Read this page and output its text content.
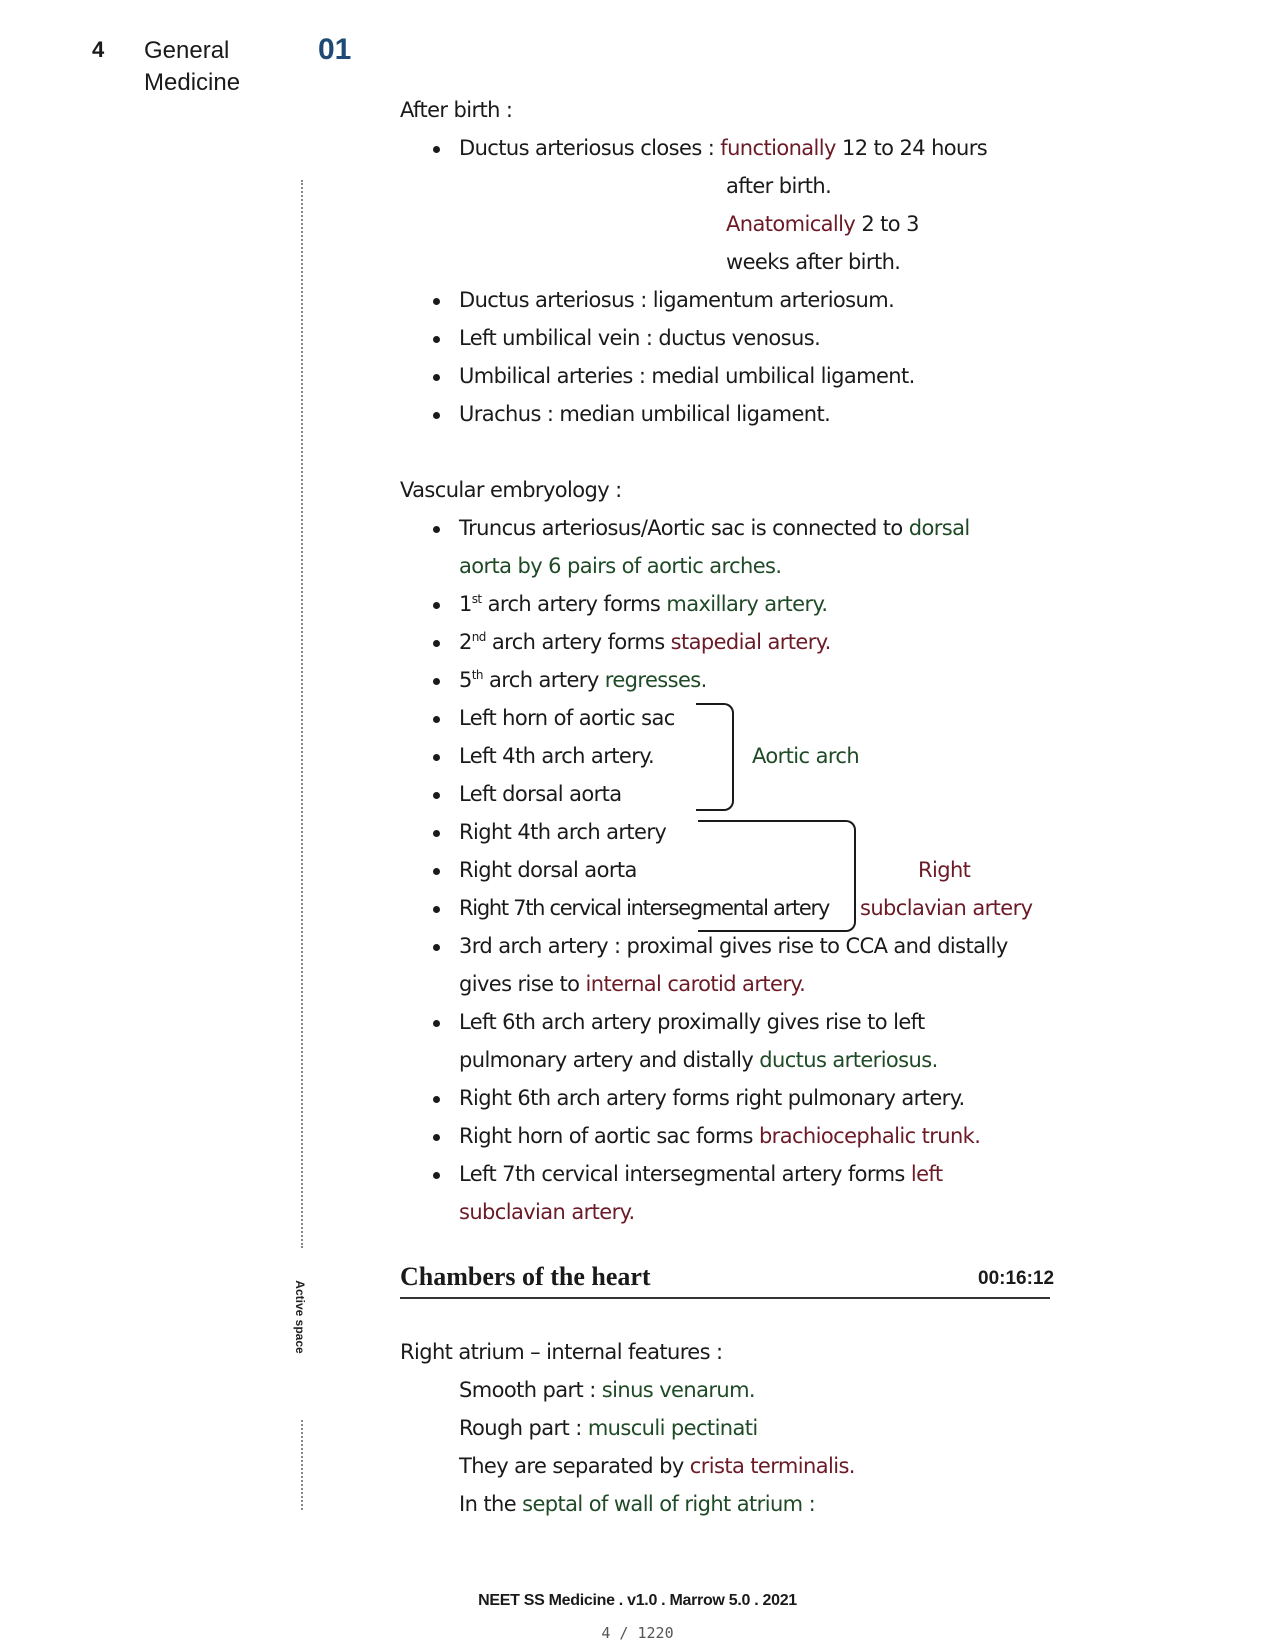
4 General Medicine
01
Active space
After birth :
Ductus arteriosus closes : functionally 12 to 24 hours
after birth.
Anatomically 2 to 3
weeks after birth.
Ductus arteriosus : ligamentum arteriosum.
Left umbilical vein : ductus venosus.
Umbilical arteries : medial umbilical ligament.
Urachus : median umbilical ligament.
Vascular embryology :
Truncus arteriosus/Aortic sac is connected to dorsal
aorta by 6 pairs of aortic arches.
1st arch artery forms maxillary artery.
2nd arch artery forms stapedial artery.
5th arch artery regresses.
Left horn of aortic sac
Left 4th arch artery.
Left dorsal aorta
Aortic arch
Right 4th arch artery
Right dorsal aorta
Right 7th cervical intersegmental artery
Right
subclavian artery
3rd arch artery : proximal gives rise to CCA and distally
gives rise to internal carotid artery.
Left 6th arch artery proximally gives rise to left
pulmonary artery and distally ductus arteriosus.
Right 6th arch artery forms right pulmonary artery.
Right horn of aortic sac forms brachiocephalic trunk.
Left 7th cervical intersegmental artery forms left
subclavian artery.
Chambers of the heart	00:16:12
Right atrium – internal features :
Smooth part : sinus venarum.
Rough part : musculi pectinati
They are separated by crista terminalis.
In the septal of wall of right atrium :
NEET SS Medicine . v1.0 . Marrow 5.0 . 2021
4 / 1220
